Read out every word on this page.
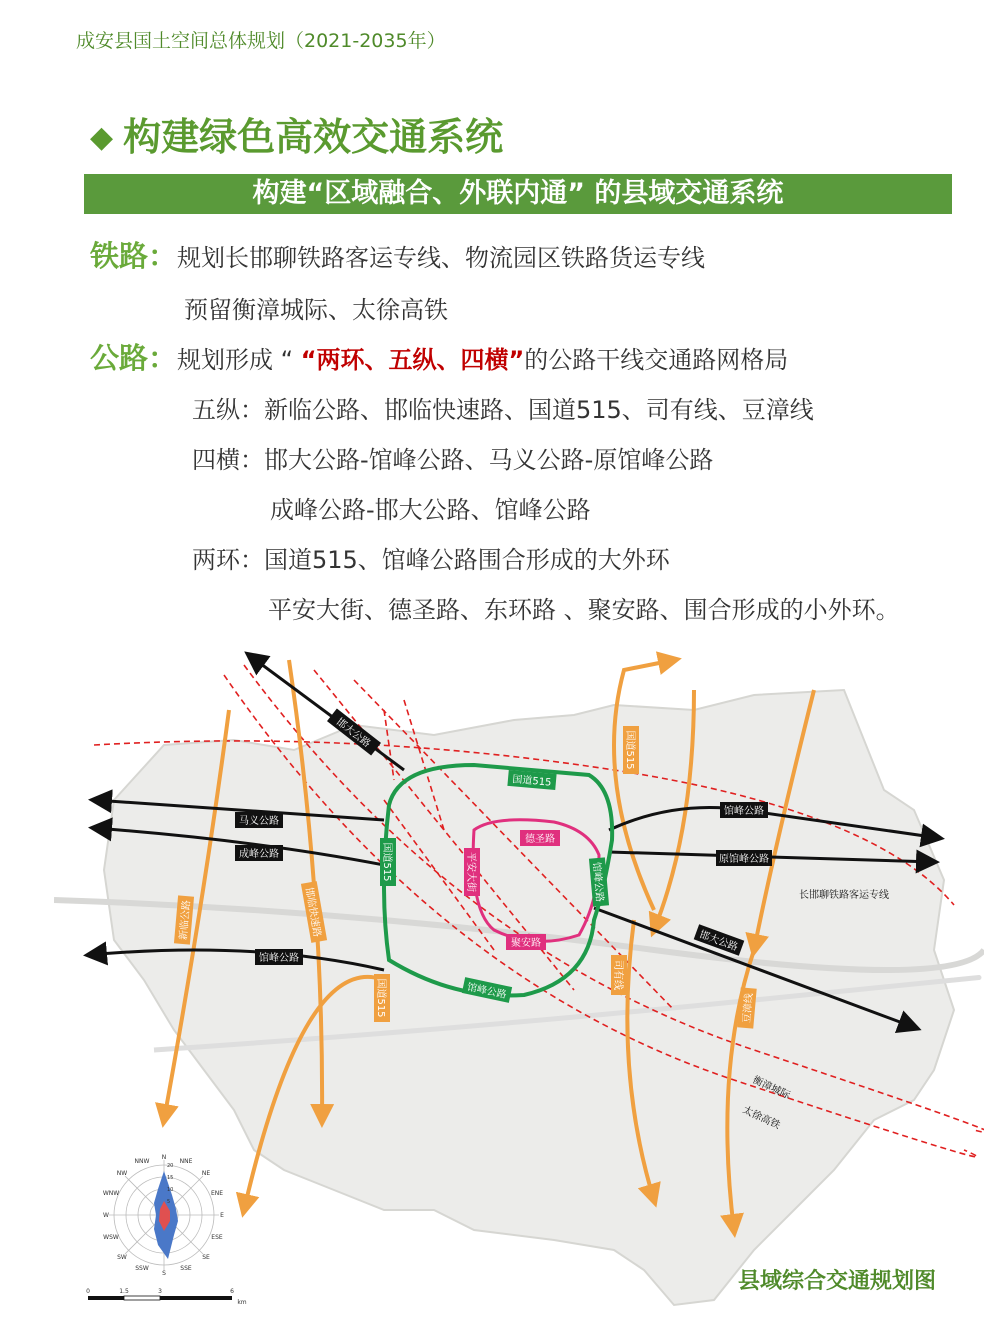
成安县国土空间总体规划（2021-2035年）
◆ 构建绿色高效交通系统
构建“区域融合、外联内通” 的县域交通系统
铁路：规划长邯聊铁路客运专线、物流园区铁路货运专线
预留衡漳城际、太徐高铁
公路：规划形成 “ “两环、五纵、四横”的公路干线交通路网格局
五纵：新临公路、邯临快速路、国道515、司有线、豆漳线
四横：邯大公路-馆峰公路、马义公路-原馆峰公路
成峰公路-邯大公路、馆峰公路
两环：国道515、馆峰公路围合形成的大外环
平安大街、德圣路、东环路 、聚安路、围合形成的小外环。
邯大公路
马义公路
成峰公路
馆峰公路
馆峰公路
原馆峰公路
邯大公路
新临公路	邯临快速路
国道515
国道515
司有线
豆漳线
国道515
国道515
馆峰公路
馆峰公路
德圣路
平安大街
聚安路
长邯聊铁路客运专线
衡漳城际
太徐高铁
N
NNE
NE
ENE
E
ESE
SE
SSE
S
SSW
SW
WSW
W
WNW
NW
NNW
20
15
10
5
0	1.5	3	6
km
县域综合交通规划图
